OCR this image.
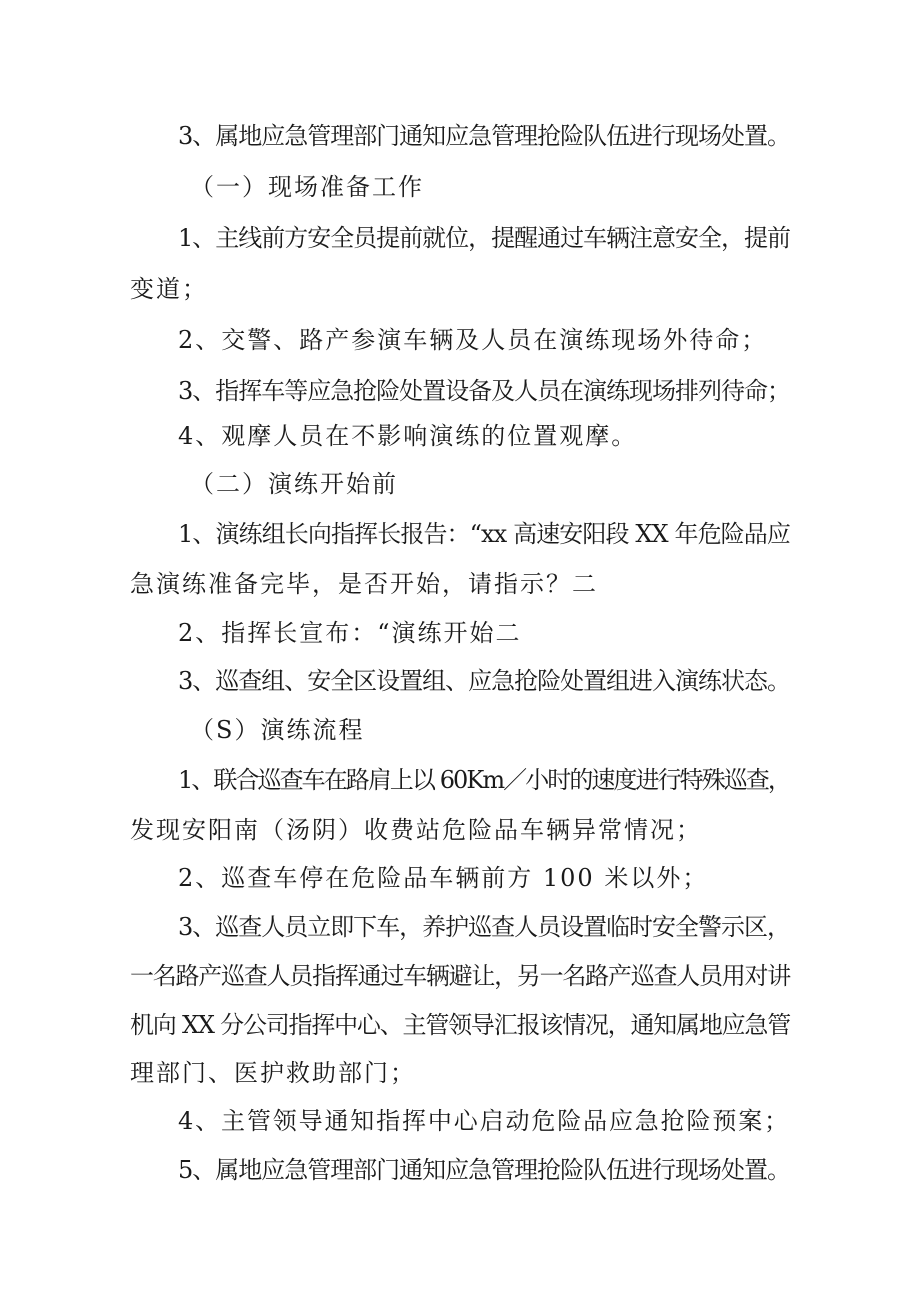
3、属地应急管理部门通知应急管理抢险队伍进行现场处置。
（一）现场准备工作
1、主线前方安全员提前就位，提醒通过车辆注意安全，提前
变道；
2、交警、路产参演车辆及人员在演练现场外待命；
3、指挥车等应急抢险处置设备及人员在演练现场排列待命；
4、观摩人员在不影响演练的位置观摩。
（二）演练开始前
1、演练组长向指挥长报告：“xx 高速安阳段 XX 年危险品应
急演练准备完毕，是否开始，请指示？二
2、指挥长宣布：“演练开始二
3、巡查组、安全区设置组、应急抢险处置组进入演练状态。
（S）演练流程
1、联合巡查车在路肩上以 60Km／小时的速度进行特殊巡查，
发现安阳南（汤阴）收费站危险品车辆异常情况；
2、巡查车停在危险品车辆前方 100 米以外；
3、巡查人员立即下车，养护巡查人员设置临时安全警示区，
一名路产巡查人员指挥通过车辆避让，另一名路产巡查人员用对讲
机向 XX 分公司指挥中心、主管领导汇报该情况，通知属地应急管
理部门、医护救助部门；
4、主管领导通知指挥中心启动危险品应急抢险预案；
5、属地应急管理部门通知应急管理抢险队伍进行现场处置。
